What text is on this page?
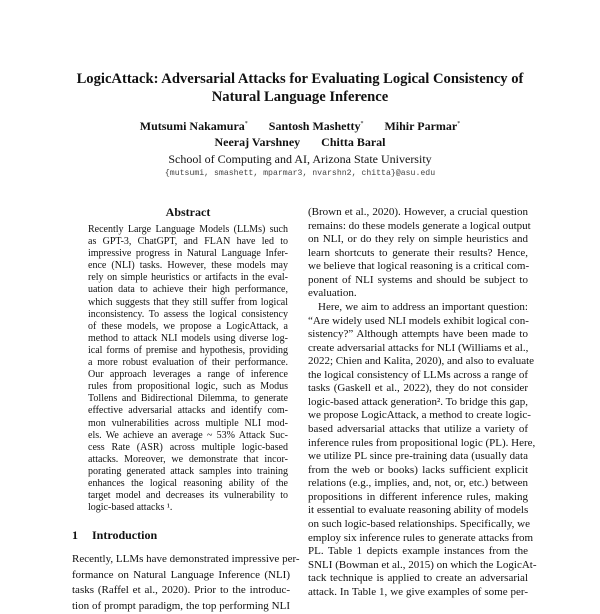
LogicAttack: Adversarial Attacks for Evaluating Logical Consistency of
Natural Language Inference
Mutsumi Nakamura* Santosh Mashetty* Mihir Parmar*
Neeraj Varshney Chitta Baral
School of Computing and AI, Arizona State University
{mutsumi, smashett, mparmar3, nvarshn2, chitta}@asu.edu
Abstract
Recently Large Language Models (LLMs) such
as GPT-3, ChatGPT, and FLAN have led to
impressive progress in Natural Language Infer-
ence (NLI) tasks. However, these models may
rely on simple heuristics or artifacts in the eval-
uation data to achieve their high performance,
which suggests that they still suffer from logical
inconsistency. To assess the logical consistency
of these models, we propose a LogicAttack, a
method to attack NLI models using diverse log-
ical forms of premise and hypothesis, providing
a more robust evaluation of their performance.
Our approach leverages a range of inference
rules from propositional logic, such as Modus
Tollens and Bidirectional Dilemma, to generate
effective adversarial attacks and identify com-
mon vulnerabilities across multiple NLI mod-
els. We achieve an average ~ 53% Attack Suc-
cess Rate (ASR) across multiple logic-based
attacks. Moreover, we demonstrate that incor-
porating generated attack samples into training
enhances the logical reasoning ability of the
target model and decreases its vulnerability to
logic-based attacks ¹.
1 Introduction
Recently, LLMs have demonstrated impressive per-
formance on Natural Language Inference (NLI)
tasks (Raffel et al., 2020). Prior to the introduc-
tion of prompt paradigm, the top performing NLI
(Brown et al., 2020). However, a crucial question
remains: do these models generate a logical output
on NLI, or do they rely on simple heuristics and
learn shortcuts to generate their results? Hence,
we believe that logical reasoning is a critical com-
ponent of NLI systems and should be subject to
evaluation.
Here, we aim to address an important question:
“Are widely used NLI models exhibit logical con-
sistency?” Although attempts have been made to
create adversarial attacks for NLI (Williams et al.,
2022; Chien and Kalita, 2020), and also to evaluate
the logical consistency of LLMs across a range of
tasks (Gaskell et al., 2022), they do not consider
logic-based attack generation². To bridge this gap,
we propose LogicAttack, a method to create logic-
based adversarial attacks that utilize a variety of
inference rules from propositional logic (PL). Here,
we utilize PL since pre-training data (usually data
from the web or books) lacks sufficient explicit
relations (e.g., implies, and, not, or, etc.) between
propositions in different inference rules, making
it essential to evaluate reasoning ability of models
on such logic-based relationships. Specifically, we
employ six inference rules to generate attacks from
PL. Table 1 depicts example instances from the
SNLI (Bowman et al., 2015) on which the LogicAt-
tack technique is applied to create an adversarial
attack. In Table 1, we give examples of some per-
